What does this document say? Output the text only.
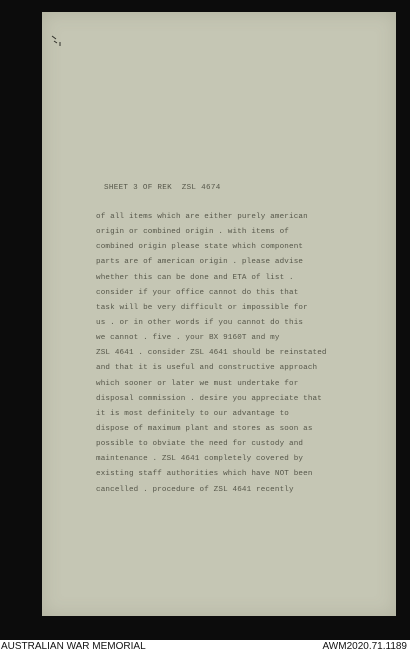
SHEET 3 OF REK  ZSL 4674
of all items which are either purely american
origin or combined origin . with items of
combined origin please state which component
parts are of american origin . please advise
whether this can be done and ETA of list .
consider if your office cannot do this that
task will be very difficult or impossible for
us . or in other words if you cannot do this
we cannot . five . your BX 9160T and my
ZSL 4641 . consider ZSL 4641 should be reinstated
and that it is useful and constructive approach
which sooner or later we must undertake for
disposal commission . desire you appreciate that
it is most definitely to our advantage to
dispose of maximum plant and stores as soon as
possible to obviate the need for custody and
maintenance . ZSL 4641 completely covered by
existing staff authorities which have NOT been
cancelled . procedure of ZSL 4641 recently
AUSTRALIAN WAR MEMORIAL	AWM2020.71.1189
